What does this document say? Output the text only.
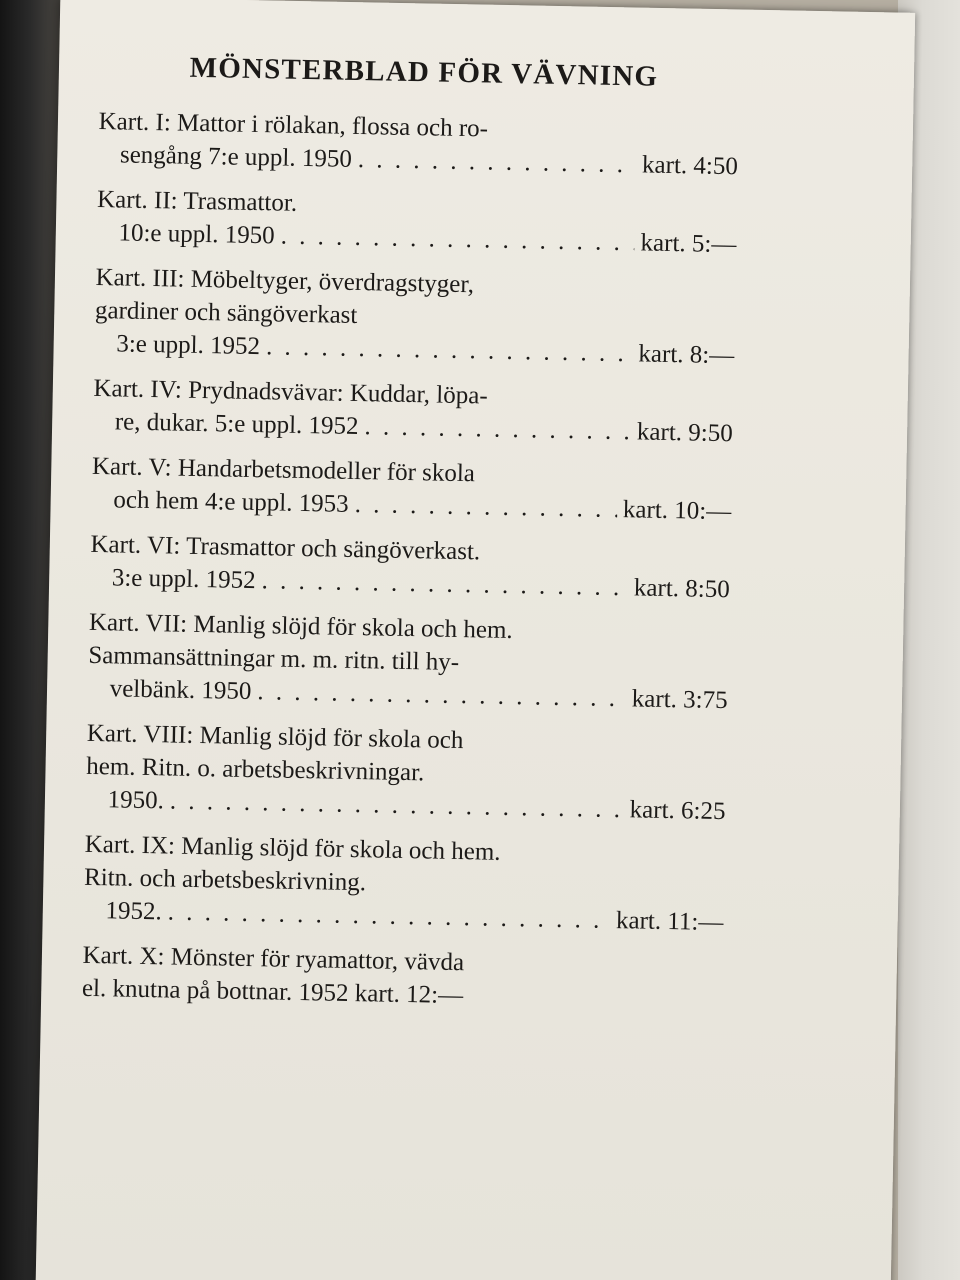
MÖNSTERBLAD FÖR VÄVNING
Kart. I: Mattor i rölakan, flossa och ro-
sengång 7:e uppl. 1950 . . .	kart. 4:50
Kart. II: Trasmattor.
10:e uppl. 1950 . . .	kart. 5:—
Kart. III: Möbeltyger, överdragstyger,
gardiner och sängöverkast
3:e uppl. 1952 . . .	kart. 8:—
Kart. IV: Prydnadsvävar: Kuddar, löpa-
re, dukar. 5:e uppl. 1952 . . .	kart. 9:50
Kart. V: Handarbetsmodeller för skola
och hem 4:e uppl. 1953 . . .	kart. 10:—
Kart. VI: Trasmattor och sängöverkast.
3:e uppl. 1952 . . .	kart. 8:50
Kart. VII: Manlig slöjd för skola och hem.
Sammansättningar m. m. ritn. till hy-
velbänk. 1950 . . .	kart. 3:75
Kart. VIII: Manlig slöjd för skola och
hem. Ritn. o. arbetsbeskrivningar.
1950. . . .	kart. 6:25
Kart. IX: Manlig slöjd för skola och hem.
Ritn. och arbetsbeskrivning.
1952. . . .	kart. 11:—
Kart. X: Mönster för ryamattor, vävda
el. knutna på bottnar. 1952 kart. 12:—
